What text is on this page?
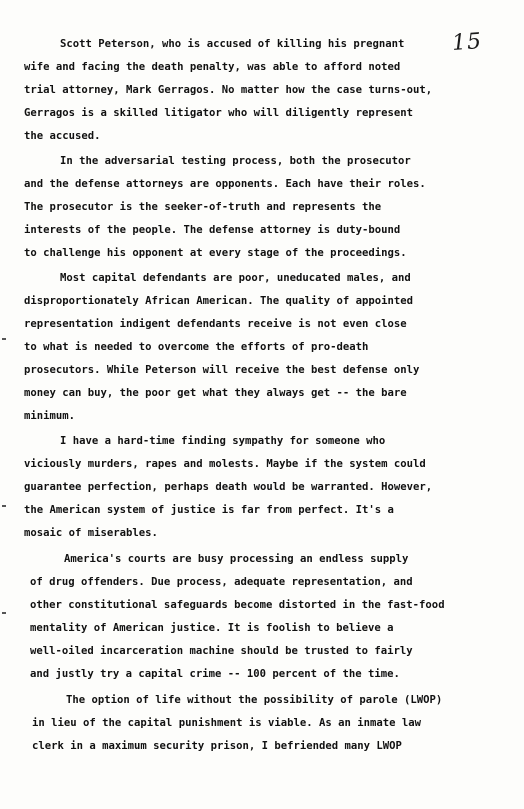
15
Scott Peterson, who is accused of killing his pregnant
wife and facing the death penalty, was able to afford noted
trial attorney, Mark Gerragos. No matter how the case turns-out,
Gerragos is a skilled litigator who will diligently represent
the accused.
In the adversarial testing process, both the prosecutor
and the defense attorneys are opponents. Each have their roles.
The prosecutor is the seeker-of-truth and represents the
interests of the people. The defense attorney is duty-bound
to challenge his opponent at every stage of the proceedings.
Most capital defendants are poor, uneducated males, and
disproportionately African American. The quality of appointed
representation indigent defendants receive is not even close
to what is needed to overcome the efforts of pro-death
prosecutors. While Peterson will receive the best defense only
money can buy, the poor get what they always get -- the bare
minimum.
I have a hard-time finding sympathy for someone who
viciously murders, rapes and molests. Maybe if the system could
guarantee perfection, perhaps death would be warranted. However,
the American system of justice is far from perfect. It's a
mosaic of miserables.
America's courts are busy processing an endless supply
of drug offenders. Due process, adequate representation, and
other constitutional safeguards become distorted in the fast-food
mentality of American justice. It is foolish to believe a
well-oiled incarceration machine should be trusted to fairly
and justly try a capital crime -- 100 percent of the time.
The option of life without the possibility of parole (LWOP)
in lieu of the capital punishment is viable. As an inmate law
clerk in a maximum security prison, I befriended many LWOP
